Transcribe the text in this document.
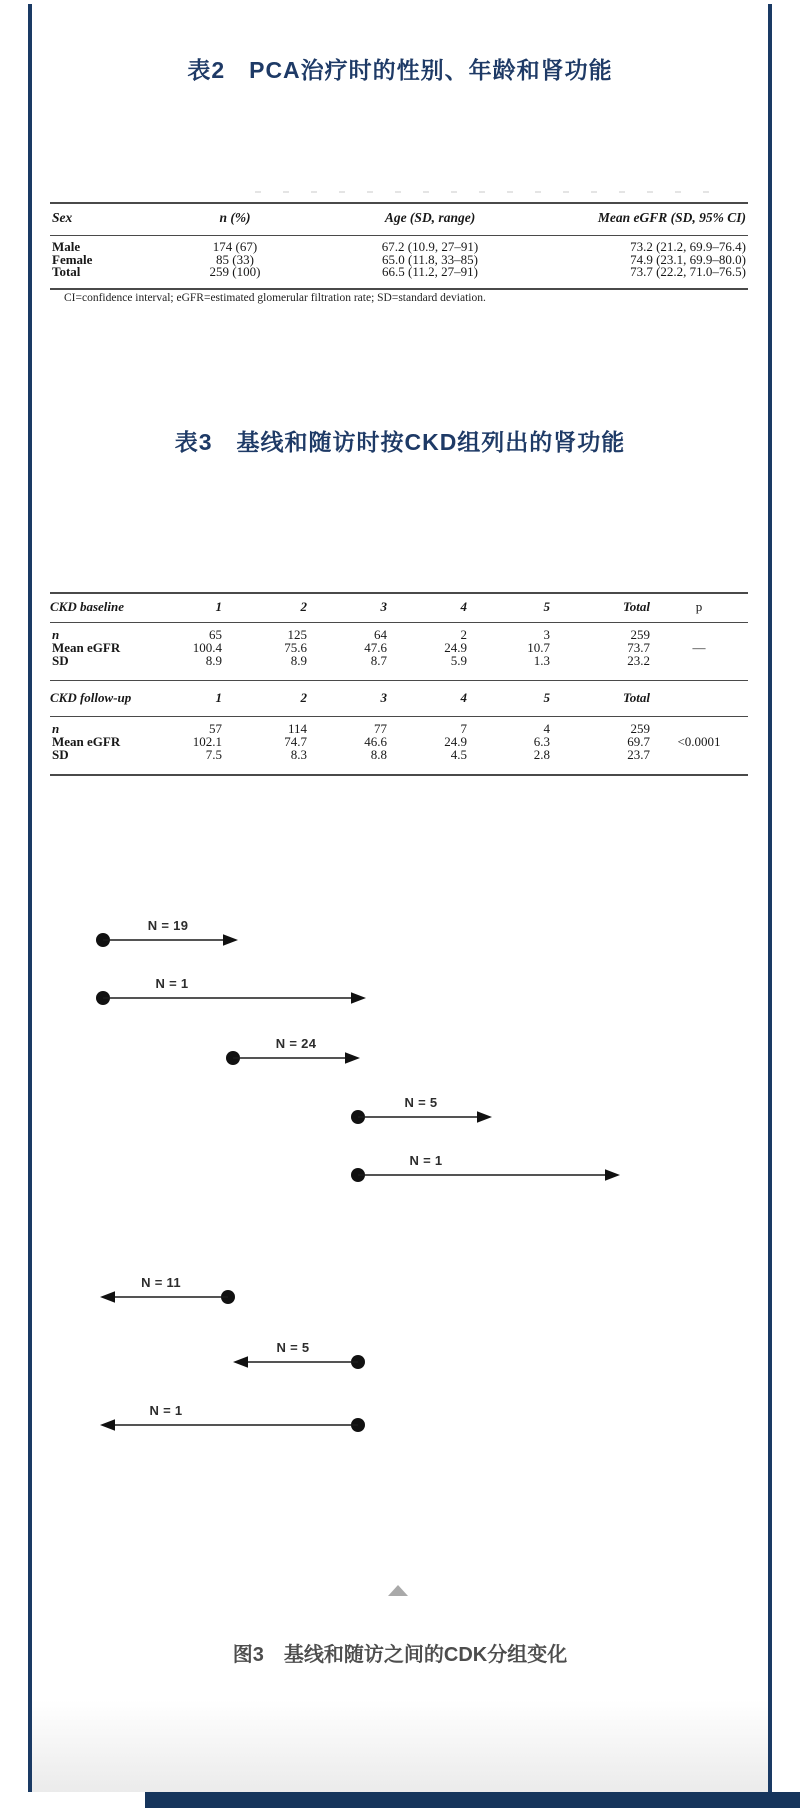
表2　PCA治疗时的性别、年龄和肾功能
Sex	n (%)	Age (SD, range)	Mean eGFR (SD, 95% CI)
Male	174 (67)	67.2 (10.9, 27–91)	73.2 (21.2, 69.9–76.4)
Female	85 (33)	65.0 (11.8, 33–85)	74.9 (23.1, 69.9–80.0)
Total	259 (100)	66.5 (11.2, 27–91)	73.7 (22.2, 71.0–76.5)
CI=confidence interval; eGFR=estimated glomerular filtration rate; SD=standard deviation.
表3　基线和随访时按CKD组列出的肾功能
CKD baseline	1	2	3	4	5	Total	p
n	65	125	64	2	3	259	
Mean eGFR	100.4	75.6	47.6	24.9	10.7	73.7	—
SD	8.9	8.9	8.7	5.9	1.3	23.2	
CKD follow-up	1	2	3	4	5	Total	
n	57	114	77	7	4	259	
Mean eGFR	102.1	74.7	46.6	24.9	6.3	69.7	<0.0001
SD	7.5	8.3	8.8	4.5	2.8	23.7	
N = 19
N = 1
N = 24
N = 5
N = 1
N = 11
N = 5
N = 1
图3　基线和随访之间的CDK分组变化
